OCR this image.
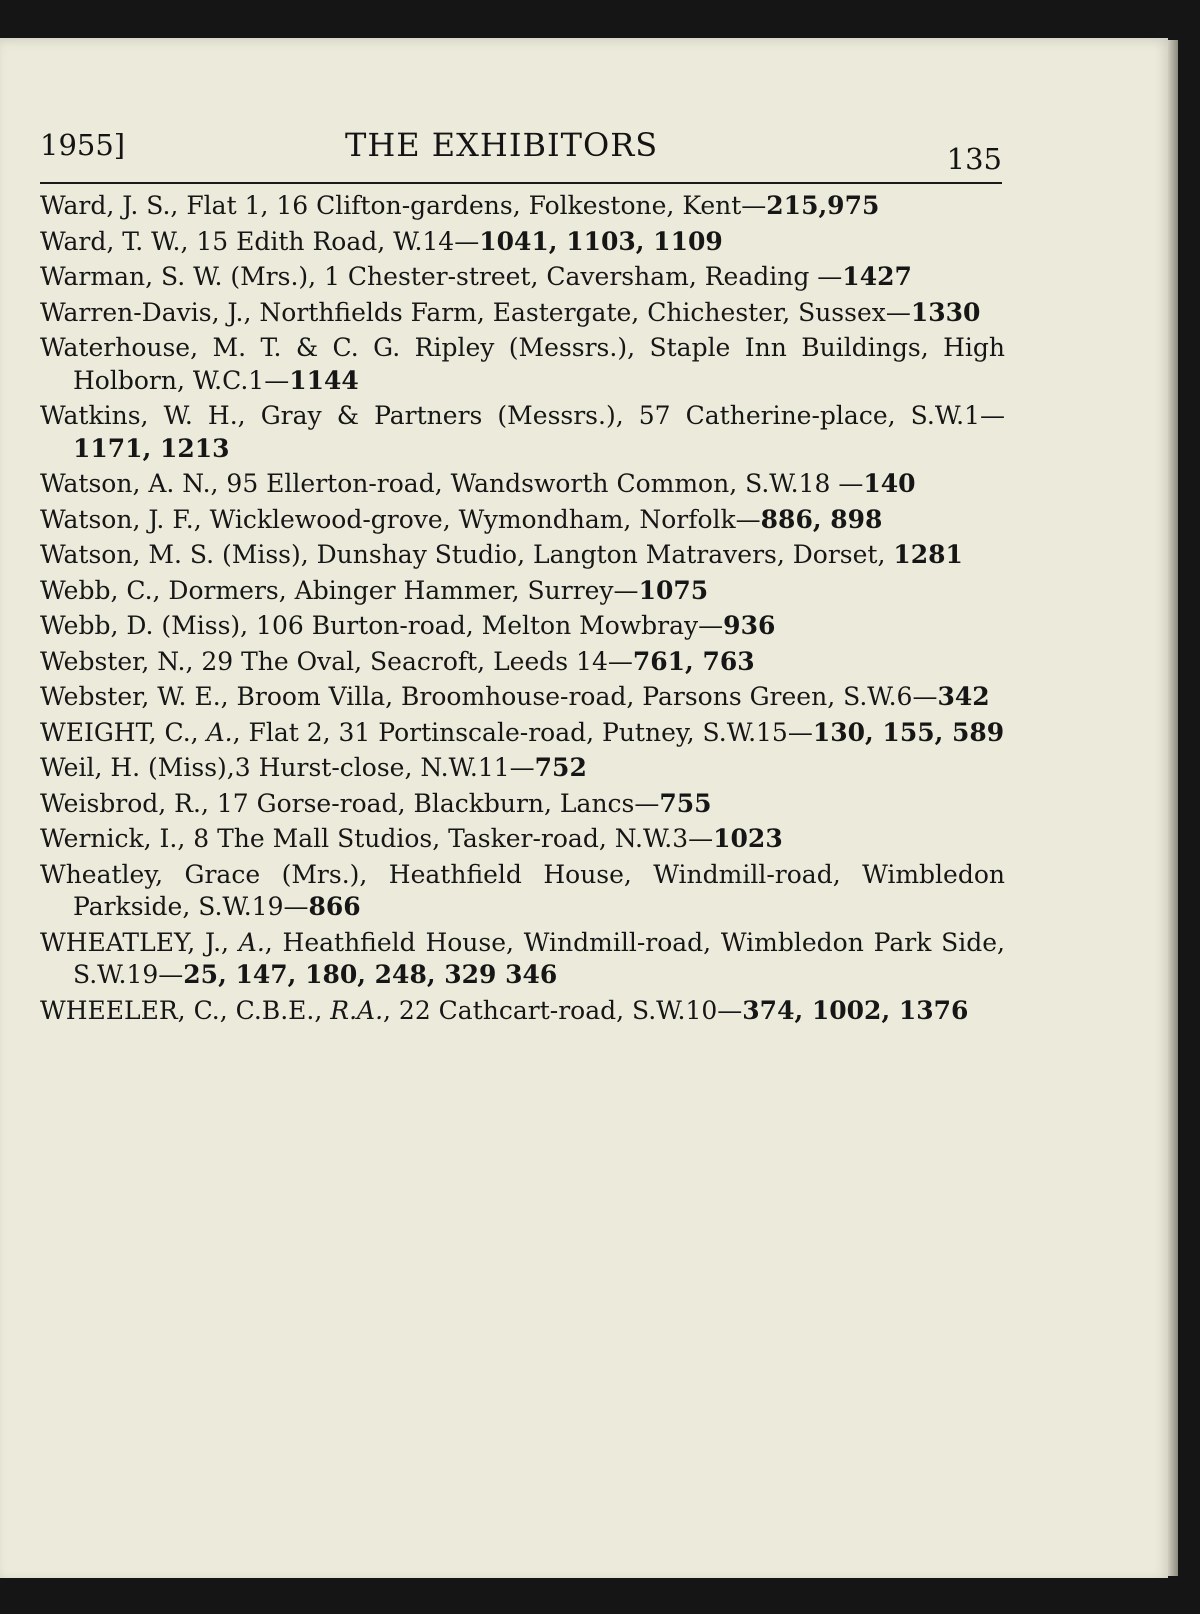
1955]	THE EXHIBITORS	135

Ward, J. S., Flat 1, 16 Clifton-gardens, Folkestone, Kent—215,975

Ward, T. W., 15 Edith Road, W.14—1041, 1103, 1109

Warman, S. W. (Mrs.), 1 Chester-street, Caversham, Reading —1427

Warren-Davis, J., Northfields Farm, Eastergate, Chichester, Sussex—1330

Waterhouse, M. T. & C. G. Ripley (Messrs.), Staple Inn Buildings, High Holborn, W.C.1—1144

Watkins, W. H., Gray & Partners (Messrs.), 57 Catherine-place, S.W.1—1171, 1213

Watson, A. N., 95 Ellerton-road, Wandsworth Common, S.W.18 —140

Watson, J. F., Wicklewood-grove, Wymondham, Norfolk—886, 898

Watson, M. S. (Miss), Dunshay Studio, Langton Matravers, Dorset, 1281

Webb, C., Dormers, Abinger Hammer, Surrey—1075

Webb, D. (Miss), 106 Burton-road, Melton Mowbray—936

Webster, N., 29 The Oval, Seacroft, Leeds 14—761, 763

Webster, W. E., Broom Villa, Broomhouse-road, Parsons Green, S.W.6—342

WEIGHT, C., A., Flat 2, 31 Portinscale-road, Putney, S.W.15—130, 155, 589

Weil, H. (Miss),3 Hurst-close, N.W.11—752

Weisbrod, R., 17 Gorse-road, Blackburn, Lancs—755

Wernick, I., 8 The Mall Studios, Tasker-road, N.W.3—1023

Wheatley, Grace (Mrs.), Heathfield House, Windmill-road, Wimbledon Parkside, S.W.19—866

WHEATLEY, J., A., Heathfield House, Windmill-road, Wimbledon Park Side, S.W.19—25, 147, 180, 248, 329 346

WHEELER, C., C.B.E., R.A., 22 Cathcart-road, S.W.10—374, 1002, 1376
